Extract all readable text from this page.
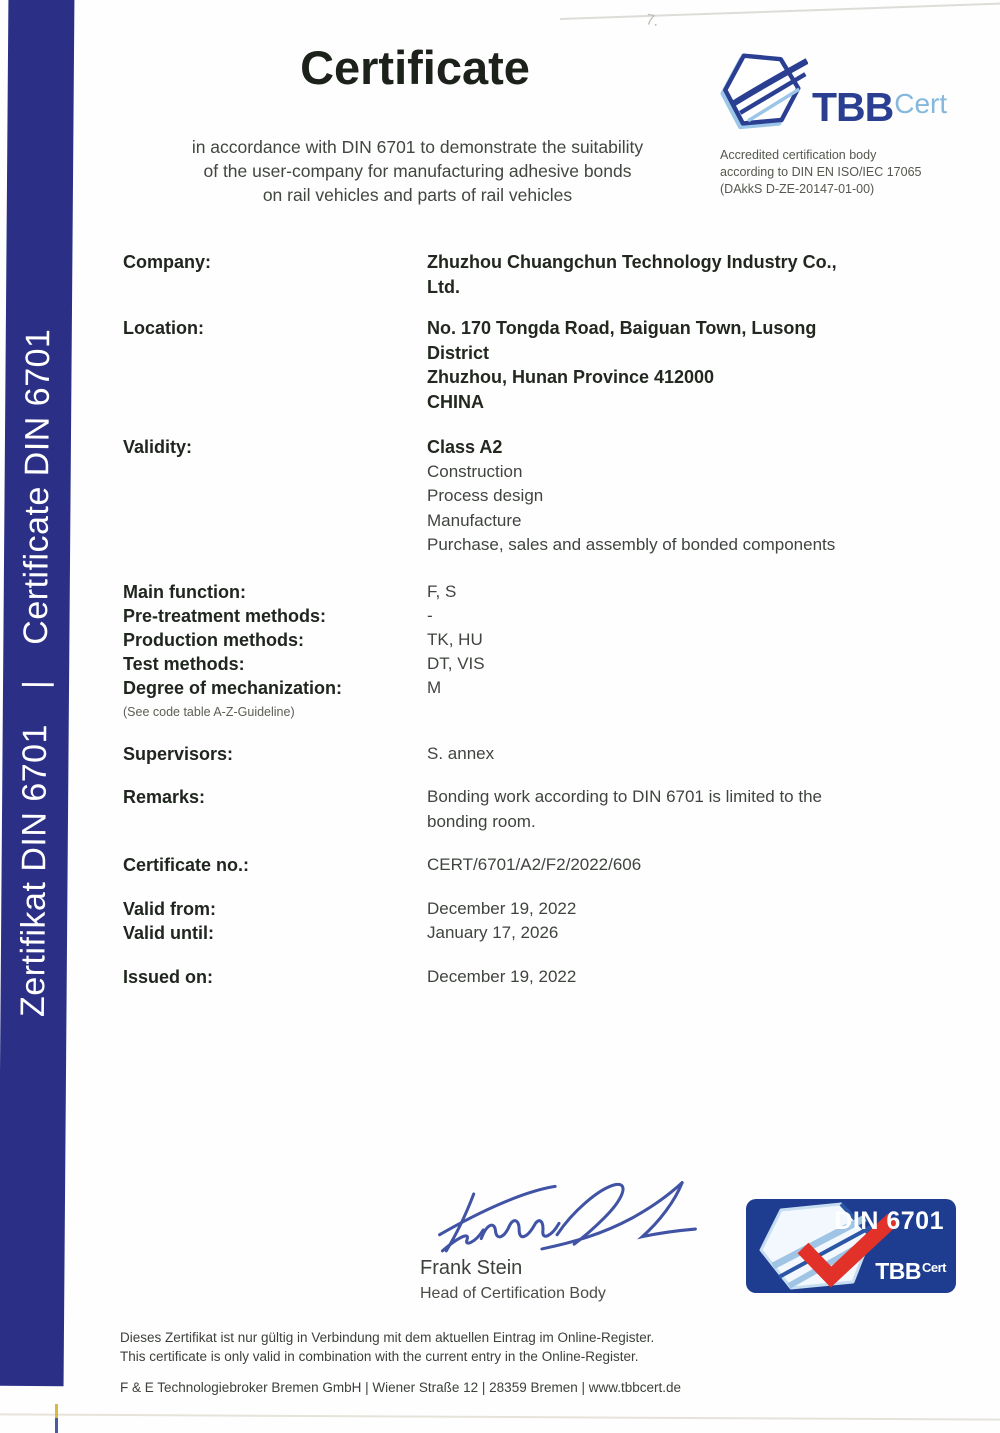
7.
Zertifikat DIN 6701  |  Certificate DIN 6701
Certificate
in accordance with DIN 6701 to demonstrate the suitability
of the user-company for manufacturing adhesive bonds
on rail vehicles and parts of rail vehicles
TBBCert
Accredited certification body
according to DIN EN ISO/IEC 17065
(DAkkS D-ZE-20147-01-00)
Company:	Zhuzhou Chuangchun Technology Industry Co.,
Ltd.
Location:	No. 170 Tongda Road, Baiguan Town, Lusong
District
Zhuzhou, Hunan Province 412000
CHINA
Validity:	Class A2
Construction
Process design
Manufacture
Purchase, sales and assembly of bonded components
Main function:	F, S
Pre-treatment methods:	-
Production methods:	TK, HU
Test methods:	DT, VIS
Degree of mechanization:	M
(See code table A-Z-Guideline)
Supervisors:	S. annex
Remarks:	Bonding work according to DIN 6701 is limited to the
bonding room.
Certificate no.:	CERT/6701/A2/F2/2022/606
Valid from:	December 19, 2022
Valid until:	January 17, 2026
Issued on:	December 19, 2022
Frank Stein
Head of Certification Body
DIN 6701
$TBB^{Cert}$
Dieses Zertifikat ist nur gültig in Verbindung mit dem aktuellen Eintrag im Online-Register.
This certificate is only valid in combination with the current entry in the Online-Register.
F & E Technologiebroker Bremen GmbH | Wiener Straße 12 | 28359 Bremen | www.tbbcert.de
